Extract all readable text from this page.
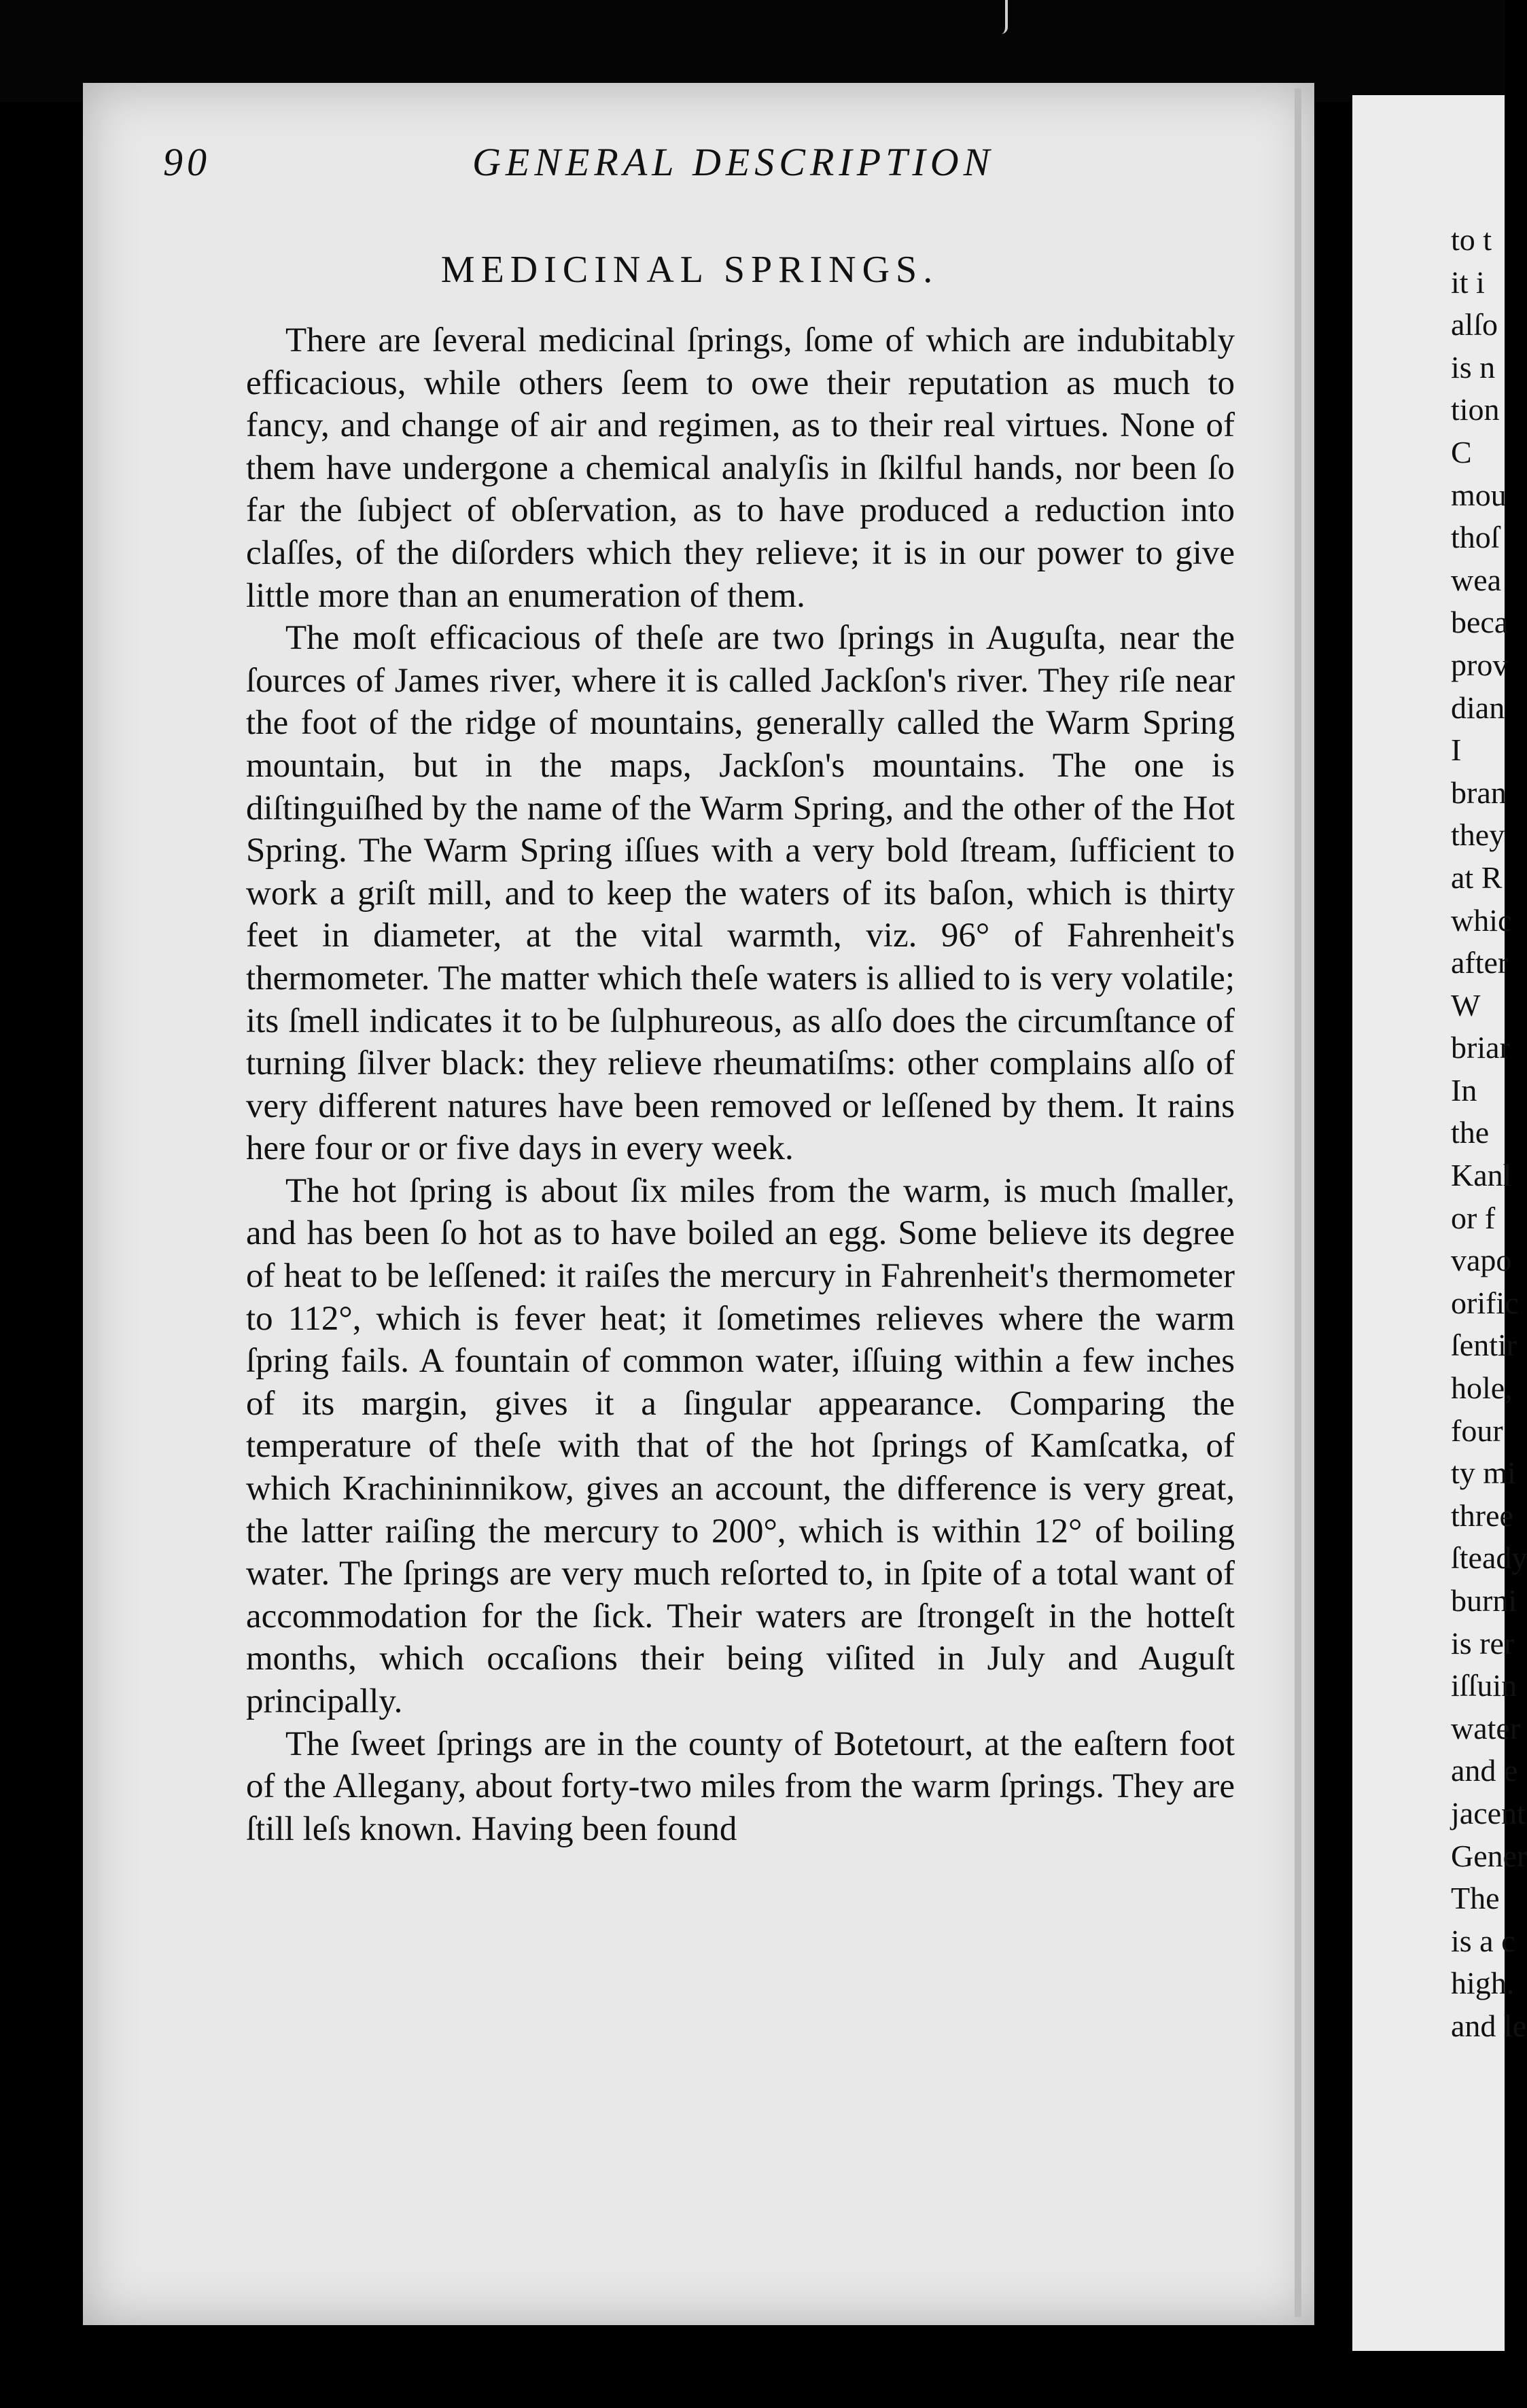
to t
it i
alſo
is n
tion
C
mou
thoſ
wea
beca
prov
dian
I
bran
they
at R
whic
after
W
briar
In
the
Kanl
or f
vapo
orific
ſentir
hole,
four
ty mi
three
ſteady
burni
is rer
iſſuin
water
and e
jacent
Gener
The
is a c
high.
and le
90	GENERAL DESCRIPTION
MEDICINAL SPRINGS.

There are ſeveral medicinal ſprings, ſome of which are indubitably efficacious, while others ſeem to owe their reputation as much to fancy, and change of air and regimen, as to their real virtues. None of them have undergone a chemical analyſis in ſkilful hands, nor been ſo far the ſubject of obſervation, as to have produced a reduction into claſſes, of the diſorders which they relieve; it is in our power to give little more than an enumeration of them.

The moſt efficacious of theſe are two ſprings in Auguſta, near the ſources of James river, where it is called Jackſon's river. They riſe near the foot of the ridge of mountains, generally called the Warm Spring mountain, but in the maps, Jackſon's mountains. The one is diſtinguiſhed by the name of the Warm Spring, and the other of the Hot Spring. The Warm Spring iſſues with a very bold ſtream, ſufficient to work a griſt mill, and to keep the waters of its baſon, which is thirty feet in diameter, at the vital warmth, viz. 96° of Fahrenheit's thermometer. The matter which theſe waters is allied to is very volatile; its ſmell indicates it to be ſulphureous, as alſo does the circumſtance of turning ſilver black: they relieve rheumatiſms: other complains alſo of very different natures have been removed or leſſened by them. It rains here four or or five days in every week.

The hot ſpring is about ſix miles from the warm, is much ſmaller, and has been ſo hot as to have boiled an egg. Some believe its degree of heat to be leſſened: it raiſes the mercury in Fahrenheit's thermometer to 112°, which is fever heat; it ſometimes relieves where the warm ſpring fails. A fountain of common water, iſſuing within a few inches of its margin, gives it a ſingular appearance. Comparing the temperature of theſe with that of the hot ſprings of Kamſcatka, of which Krachininnikow, gives an account, the difference is very great, the latter raiſing the mercury to 200°, which is within 12° of boiling water. The ſprings are very much reſorted to, in ſpite of a total want of accommodation for the ſick. Their waters are ſtrongeſt in the hotteſt months, which occaſions their being viſited in July and Auguſt principally.

The ſweet ſprings are in the county of Botetourt, at the eaſtern foot of the Allegany, about forty-two miles from the warm ſprings. They are ſtill leſs known. Having been found
